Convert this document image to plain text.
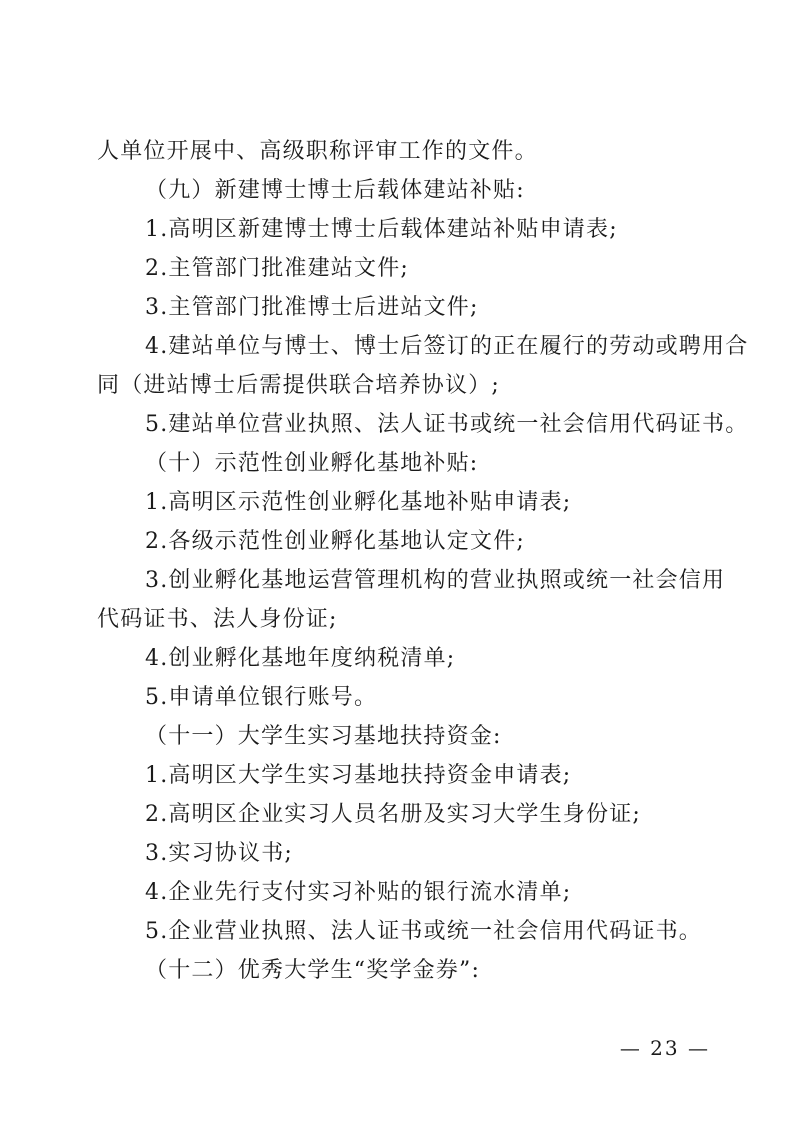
人单位开展中、高级职称评审工作的文件。
（九）新建博士博士后载体建站补贴:
1.高明区新建博士博士后载体建站补贴申请表;
2.主管部门批准建站文件;
3.主管部门批准博士后进站文件;
4.建站单位与博士、博士后签订的正在履行的劳动或聘用合
同（进站博士后需提供联合培养协议）;
5.建站单位营业执照、法人证书或统一社会信用代码证书。
（十）示范性创业孵化基地补贴:
1.高明区示范性创业孵化基地补贴申请表;
2.各级示范性创业孵化基地认定文件;
3.创业孵化基地运营管理机构的营业执照或统一社会信用
代码证书、法人身份证;
4.创业孵化基地年度纳税清单;
5.申请单位银行账号。
（十一）大学生实习基地扶持资金:
1.高明区大学生实习基地扶持资金申请表;
2.高明区企业实习人员名册及实习大学生身份证;
3.实习协议书;
4.企业先行支付实习补贴的银行流水清单;
5.企业营业执照、法人证书或统一社会信用代码证书。
（十二）优秀大学生“奖学金券”:
— 23 —
